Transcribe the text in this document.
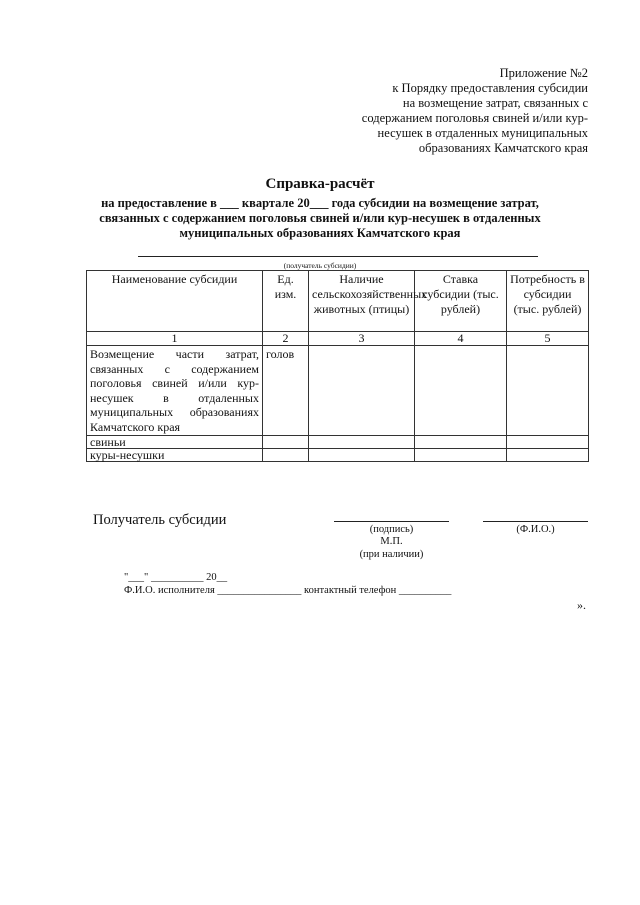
Приложение №2
к Порядку предоставления субсидии
на возмещение затрат, связанных с
содержанием поголовья свиней и/или кур-
несушек в отдаленных муниципальных
образованиях Камчатского края
Справка-расчёт
на предоставление в ___ квартале 20___ года субсидии на возмещение затрат,
связанных с содержанием поголовья свиней и/или кур-несушек в отдаленных
муниципальных образованиях Камчатского края
(получатель субсидии)
Наименование субсидии	Ед. изм.	Наличие сельскохозяйственных животных (птицы)	Ставка субсидии (тыс. рублей)	Потребность в субсидии (тыс. рублей)
1	2	3	4	5
Возмещение части затрат, связанных с содержанием поголовья свиней и/или кур-несушек в отдаленных муниципальных образованиях Камчатского края	голов			
свиньи				
куры-несушки				
Получатель субсидии
(подпись)	(Ф.И.О.)
М.П.
(при наличии)
"___" __________ 20__
Ф.И.О. исполнителя ________________ контактный телефон __________
».
